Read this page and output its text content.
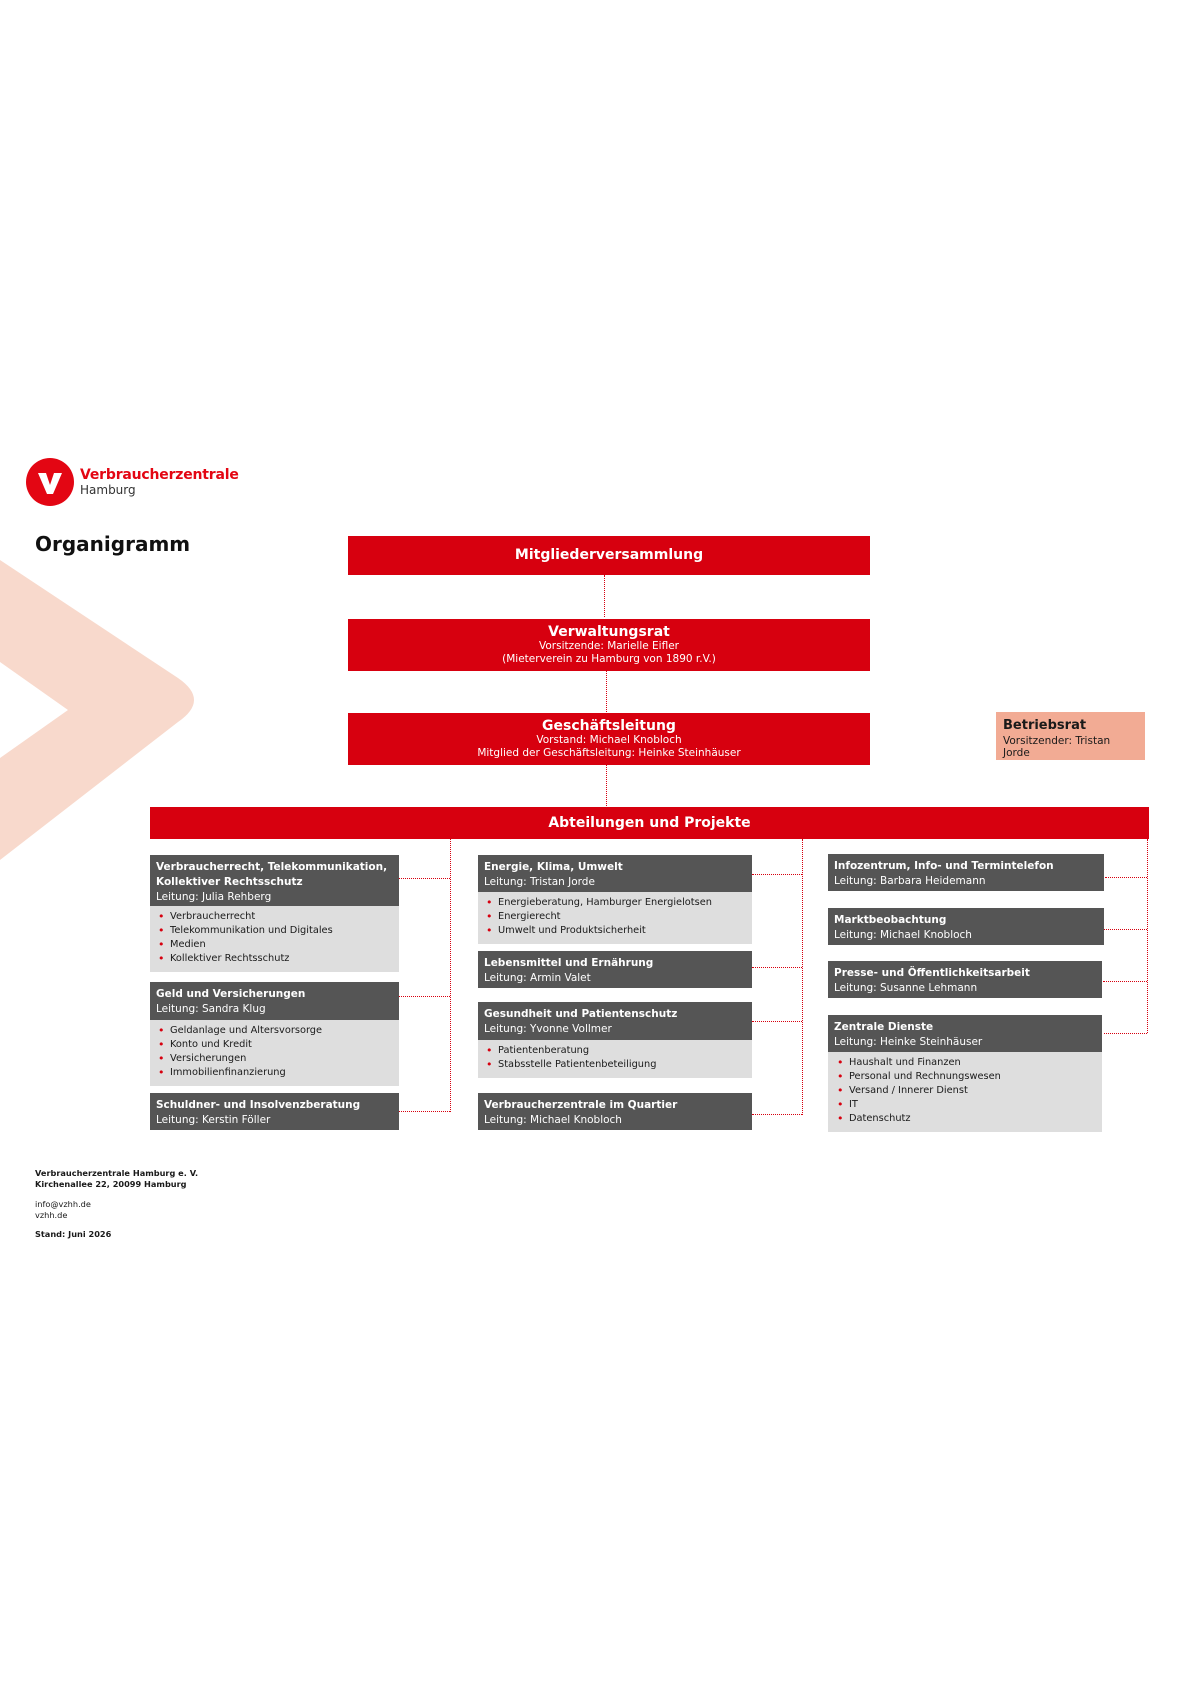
Verbraucherzentrale
Hamburg
Organigramm	Mitgliederversammlung
Verwaltungsrat
Vorsitzende: Marielle Eifler
(Mieterverein zu Hamburg von 1890 r.V.)
Geschäftsleitung
Vorstand: Michael Knobloch
Mitglied der Geschäftsleitung: Heinke Steinhäuser
Betriebsrat
Vorsitzender: Tristan Jorde
Abteilungen und Projekte
Verbraucherrecht, Telekommunikation, Kollektiver Rechtsschutz
Leitung: Julia Rehberg
• Verbraucherrecht
• Telekommunikation und Digitales
• Medien
• Kollektiver Rechtsschutz
Geld und Versicherungen
Leitung: Sandra Klug
• Geldanlage und Altersvorsorge
• Konto und Kredit
• Versicherungen
• Immobilienfinanzierung
Schuldner- und Insolvenzberatung
Leitung: Kerstin Föller
Energie, Klima, Umwelt
Leitung: Tristan Jorde
• Energieberatung, Hamburger Energielotsen
• Energierecht
• Umwelt und Produktsicherheit
Lebensmittel und Ernährung
Leitung: Armin Valet
Gesundheit und Patientenschutz
Leitung: Yvonne Vollmer
• Patientenberatung
• Stabsstelle Patientenbeteiligung
Verbraucherzentrale im Quartier
Leitung: Michael Knobloch
Infozentrum, Info- und Termintelefon
Leitung: Barbara Heidemann
Marktbeobachtung
Leitung: Michael Knobloch
Presse- und Öffentlichkeitsarbeit
Leitung: Susanne Lehmann
Zentrale Dienste
Leitung: Heinke Steinhäuser
• Haushalt und Finanzen
• Personal und Rechnungswesen
• Versand / Innerer Dienst
• IT
• Datenschutz
Verbraucherzentrale Hamburg e. V.
Kirchenallee 22, 20099 Hamburg
info@vzhh.de
vzhh.de
Stand: Juni 2026
